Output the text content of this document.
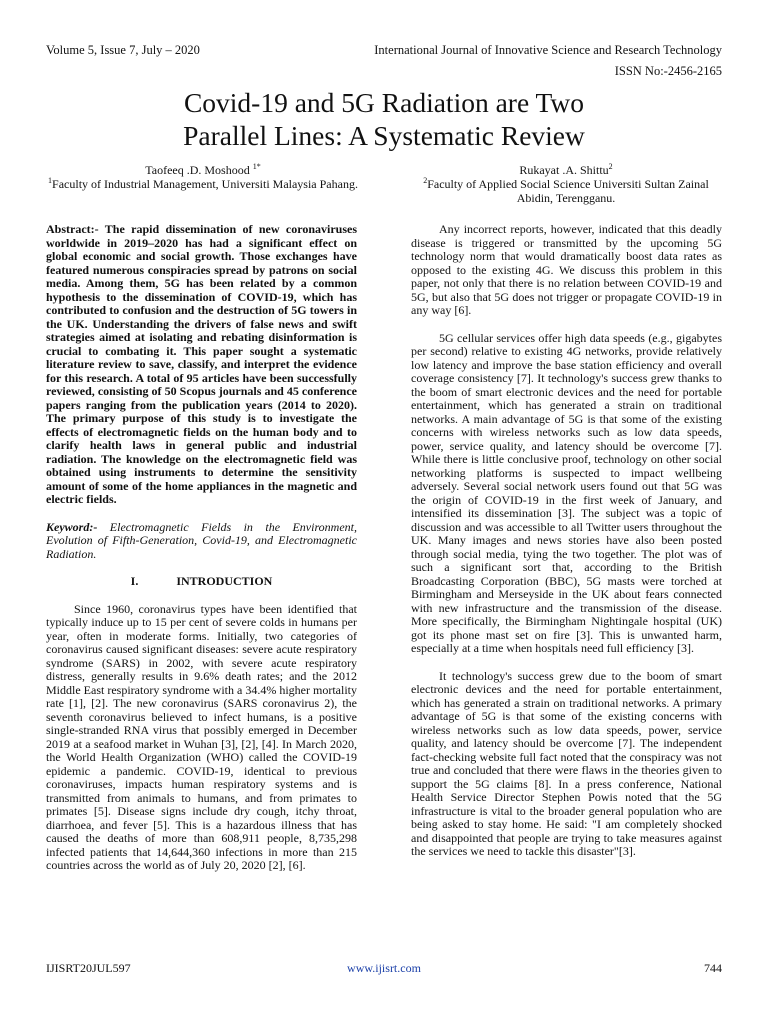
Volume 5, Issue 7, July – 2020	International Journal of Innovative Science and Research Technology
ISSN No:-2456-2165
Covid-19 and 5G Radiation are Two
Parallel Lines: A Systematic Review
Taofeeq .D. Moshood $^{1*}$
$^1$Faculty of Industrial Management, Universiti Malaysia Pahang.
Rukayat .A. Shittu$^2$
$^2$Faculty of Applied Social Science Universiti Sultan Zainal Abidin, Terengganu.

Abstract:- The rapid dissemination of new coronaviruses worldwide in 2019–2020 has had a significant effect on global economic and social growth. Those exchanges have featured numerous conspiracies spread by patrons on social media. Among them, 5G has been related by a common hypothesis to the dissemination of COVID-19, which has contributed to confusion and the destruction of 5G towers in the UK. Understanding the drivers of false news and swift strategies aimed at isolating and rebating disinformation is crucial to combating it. This paper sought a systematic literature review to save, classify, and interpret the evidence for this research. A total of 95 articles have been successfully reviewed, consisting of 50 Scopus journals and 45 conference papers ranging from the publication years (2014 to 2020). The primary purpose of this study is to investigate the effects of electromagnetic fields on the human body and to clarify health laws in general public and industrial radiation. The knowledge on the electromagnetic field was obtained using instruments to determine the sensitivity amount of some of the home appliances in the magnetic and electric fields.

Keyword:- Electromagnetic Fields in the Environment, Evolution of Fifth-Generation, Covid-19, and Electromagnetic Radiation.

I.	INTRODUCTION

Since 1960, coronavirus types have been identified that typically induce up to 15 per cent of severe colds in humans per year, often in moderate forms. Initially, two categories of coronavirus caused significant diseases: severe acute respiratory syndrome (SARS) in 2002, with severe acute respiratory distress, generally results in 9.6% death rates; and the 2012 Middle East respiratory syndrome with a 34.4% higher mortality rate [1], [2]. The new coronavirus (SARS coronavirus 2), the seventh coronavirus believed to infect humans, is a positive single-stranded RNA virus that possibly emerged in December 2019 at a seafood market in Wuhan [3], [2], [4]. In March 2020, the World Health Organization (WHO) called the COVID-19 epidemic a pandemic. COVID-19, identical to previous coronaviruses, impacts human respiratory systems and is transmitted from animals to humans, and from primates to primates [5]. Disease signs include dry cough, itchy throat, diarrhoea, and fever [5]. This is a hazardous illness that has caused the deaths of more than 608,911 people, 8,735,298 infected patients that 14,644,360 infections in more than 215 countries across the world as of July 20, 2020 [2], [6].

Any incorrect reports, however, indicated that this deadly disease is triggered or transmitted by the upcoming 5G technology norm that would dramatically boost data rates as opposed to the existing 4G. We discuss this problem in this paper, not only that there is no relation between COVID-19 and 5G, but also that 5G does not trigger or propagate COVID-19 in any way [6].

5G cellular services offer high data speeds (e.g., gigabytes per second) relative to existing 4G networks, provide relatively low latency and improve the base station efficiency and overall coverage consistency [7]. It technology's success grew thanks to the boom of smart electronic devices and the need for portable entertainment, which has generated a strain on traditional networks. A main advantage of 5G is that some of the existing concerns with wireless networks such as low data speeds, power, service quality, and latency should be overcome [7]. While there is little conclusive proof, technology on other social networking platforms is suspected to impact wellbeing adversely. Several social network users found out that 5G was the origin of COVID-19 in the first week of January, and intensified its dissemination [3]. The subject was a topic of discussion and was accessible to all Twitter users throughout the UK. Many images and news stories have also been posted through social media, tying the two together. The plot was of such a significant sort that, according to the British Broadcasting Corporation (BBC), 5G masts were torched at Birmingham and Merseyside in the UK about fears connected with new infrastructure and the transmission of the disease. More specifically, the Birmingham Nightingale hospital (UK) got its phone mast set on fire [3]. This is unwanted harm, especially at a time when hospitals need full efficiency [3].

It technology's success grew due to the boom of smart electronic devices and the need for portable entertainment, which has generated a strain on traditional networks. A primary advantage of 5G is that some of the existing concerns with wireless networks such as low data speeds, power, service quality, and latency should be overcome [7]. The independent fact-checking website full fact noted that the conspiracy was not true and concluded that there were flaws in the theories given to support the 5G claims [8]. In a press conference, National Health Service Director Stephen Powis noted that the 5G infrastructure is vital to the broader general population who are being asked to stay home. He said: "I am completely shocked and disappointed that people are trying to take measures against the services we need to tackle this disaster"[3].

IJISRT20JUL597	www.ijisrt.com	744
